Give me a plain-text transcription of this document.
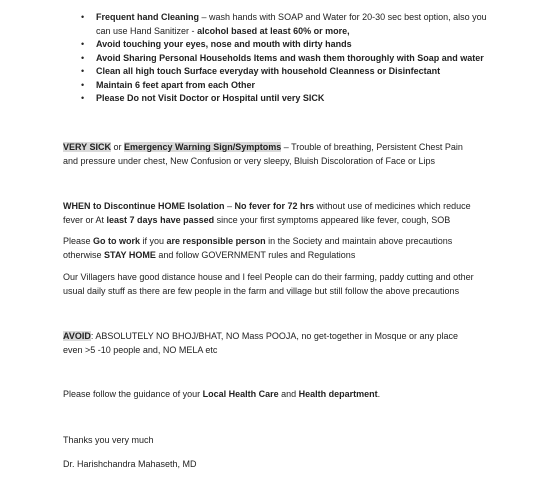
• Frequent hand Cleaning – wash hands with SOAP and Water for 20-30 sec best option, also you can use Hand Sanitizer - alcohol based at least 60% or more,
• Avoid touching your eyes, nose and mouth with dirty hands
• Avoid Sharing Personal Households Items and wash them thoroughly with Soap and water
• Clean all high touch Surface everyday with household Cleanness or Disinfectant
• Maintain 6 feet apart from each Other
• Please Do not Visit Doctor or Hospital until very SICK

VERY SICK or Emergency Warning Sign/Symptoms – Trouble of breathing, Persistent Chest Pain and pressure under chest, New Confusion or very sleepy, Bluish Discoloration of Face or Lips

WHEN to Discontinue HOME Isolation – No fever for 72 hrs without use of medicines which reduce fever or At least 7 days have passed since your first symptoms appeared like fever, cough, SOB

Please Go to work if you are responsible person in the Society and maintain above precautions otherwise STAY HOME and follow GOVERNMENT rules and Regulations

Our Villagers have good distance house and I feel People can do their farming, paddy cutting and other usual daily stuff as there are few people in the farm and village but still follow the above precautions

AVOID: ABSOLUTELY NO BHOJ/BHAT, NO Mass POOJA, no get-together in Mosque or any place even >5 -10 people and, NO MELA etc

Please follow the guidance of your Local Health Care and Health department.

Thanks you very much

Dr. Harishchandra Mahaseth, MD
